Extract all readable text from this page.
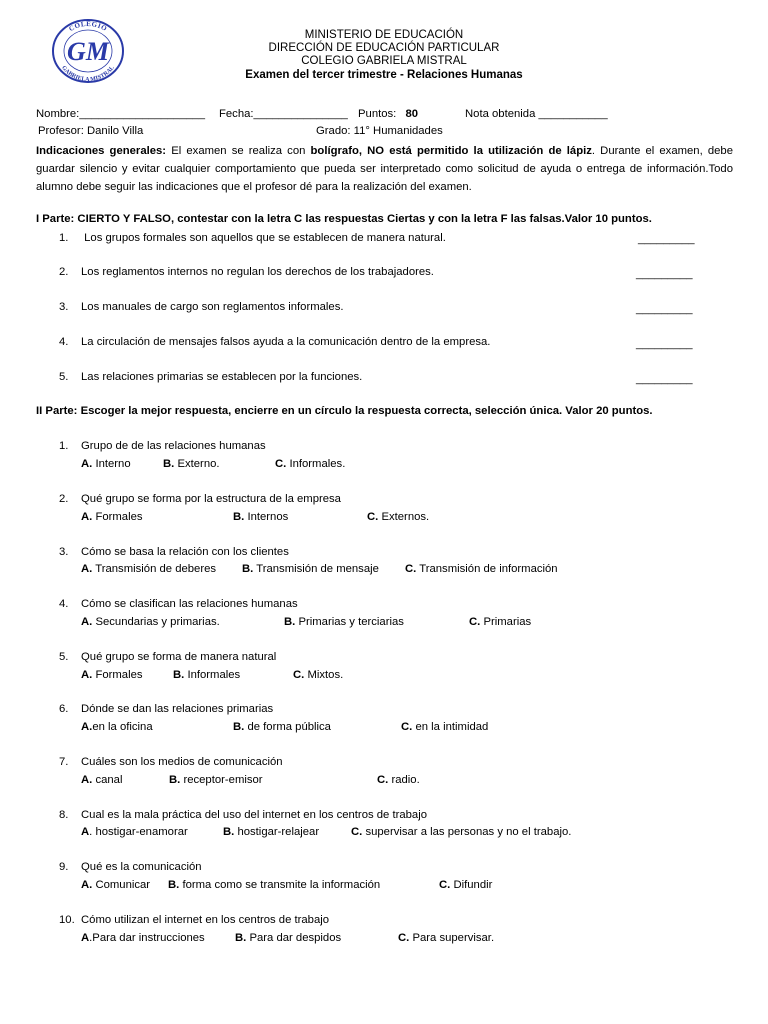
COLEGIO
GABRIELA MISTRAL
GM
MINISTERIO DE EDUCACIÓN
DIRECCIÓN DE EDUCACIÓN PARTICULAR
COLEGIO GABRIELA MISTRAL
Examen del tercer trimestre - Relaciones Humanas
Nombre:____________________ Fecha:_______________ Puntos: 80	Nota obtenida ___________
Profesor: Danilo Villa	Grado: 11° Humanidades
Indicaciones generales: El examen se realiza con bolígrafo, NO está permitido la utilización de lápiz. Durante el examen, debe guardar silencio y evitar cualquier comportamiento que pueda ser interpretado como solicitud de ayuda o entrega de información.Todo alumno debe seguir las indicaciones que el profesor dé para la realización del examen.
I Parte: CIERTO Y FALSO, contestar con la letra C las respuestas Ciertas y con la letra F las falsas.Valor 10 puntos.
1. Los grupos formales son aquellos que se establecen de manera natural.	_________
2. Los reglamentos internos no regulan los derechos de los trabajadores.	_________
3. Los manuales de cargo son reglamentos informales.	_________
4. La circulación de mensajes falsos ayuda a la comunicación dentro de la empresa.	_________
5. Las relaciones primarias se establecen por la funciones.	_________
II Parte: Escoger la mejor respuesta, encierre en un círculo la respuesta correcta, selección única. Valor 20 puntos.
1. Grupo de de las relaciones humanas
A. Interno	B. Externo.	C. Informales.
2. Qué grupo se forma por la estructura de la empresa
A. Formales	B. Internos	C. Externos.
3. Cómo se basa la relación con los clientes
A. Transmisión de deberes B. Transmisión de mensaje C. Transmisión de información
4. Cómo se clasifican las relaciones humanas
A. Secundarias y primarias.	B. Primarias y terciarias	C. Primarias
5. Qué grupo se forma de manera natural
A. Formales	B. Informales	C. Mixtos.
6. Dónde se dan las relaciones primarias
A.en la oficina	B. de forma pública	C. en la intimidad
7. Cuáles son los medios de comunicación
A. canal	B. receptor-emisor	C. radio.
8. Cual es la mala práctica del uso del internet en los centros de trabajo
A. hostigar-enamorar	B. hostigar-relajear	C. supervisar a las personas y no el trabajo.
9. Qué es la comunicación
A. Comunicar B. forma como se transmite la información	C. Difundir
10. Cómo utilizan el internet en los centros de trabajo
A.Para dar instrucciones	B. Para dar despidos	C. Para supervisar.
